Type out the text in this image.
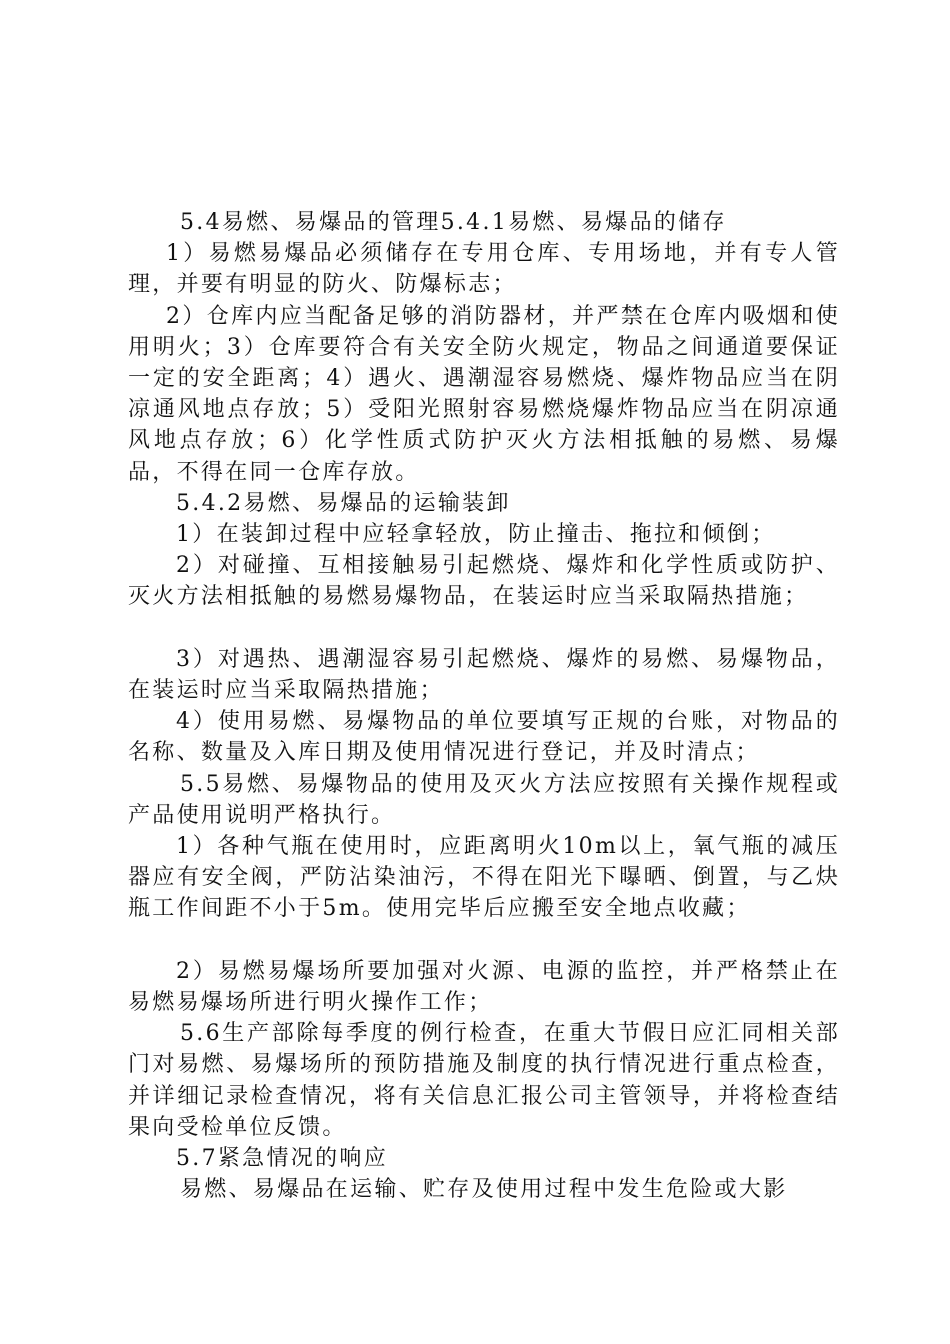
5.4易燃、易爆品的管理5.4.1易燃、易爆品的储存

1）易燃易爆品必须储存在专用仓库、专用场地，并有专人管理，并要有明显的防火、防爆标志；

2）仓库内应当配备足够的消防器材，并严禁在仓库内吸烟和使用明火；3）仓库要符合有关安全防火规定，物品之间通道要保证一定的安全距离；4）遇火、遇潮湿容易燃烧、爆炸物品应当在阴凉通风地点存放；5）受阳光照射容易燃烧爆炸物品应当在阴凉通风地点存放；6）化学性质式防护灭火方法相抵触的易燃、易爆品，不得在同一仓库存放。

5.4.2易燃、易爆品的运输装卸

1）在装卸过程中应轻拿轻放，防止撞击、拖拉和倾倒；

2）对碰撞、互相接触易引起燃烧、爆炸和化学性质或防护、灭火方法相抵触的易燃易爆物品，在装运时应当采取隔热措施；

3）对遇热、遇潮湿容易引起燃烧、爆炸的易燃、易爆物品，在装运时应当采取隔热措施；

4）使用易燃、易爆物品的单位要填写正规的台账，对物品的名称、数量及入库日期及使用情况进行登记，并及时清点；

5.5易燃、易爆物品的使用及灭火方法应按照有关操作规程或产品使用说明严格执行。

1）各种气瓶在使用时，应距离明火10m以上，氧气瓶的减压器应有安全阀，严防沾染油污，不得在阳光下曝晒、倒置，与乙炔瓶工作间距不小于5m。使用完毕后应搬至安全地点收藏；

2）易燃易爆场所要加强对火源、电源的监控，并严格禁止在易燃易爆场所进行明火操作工作；

5.6生产部除每季度的例行检查，在重大节假日应汇同相关部门对易燃、易爆场所的预防措施及制度的执行情况进行重点检查，并详细记录检查情况，将有关信息汇报公司主管领导，并将检查结果向受检单位反馈。

5.7紧急情况的响应

易燃、易爆品在运输、贮存及使用过程中发生危险或大影
